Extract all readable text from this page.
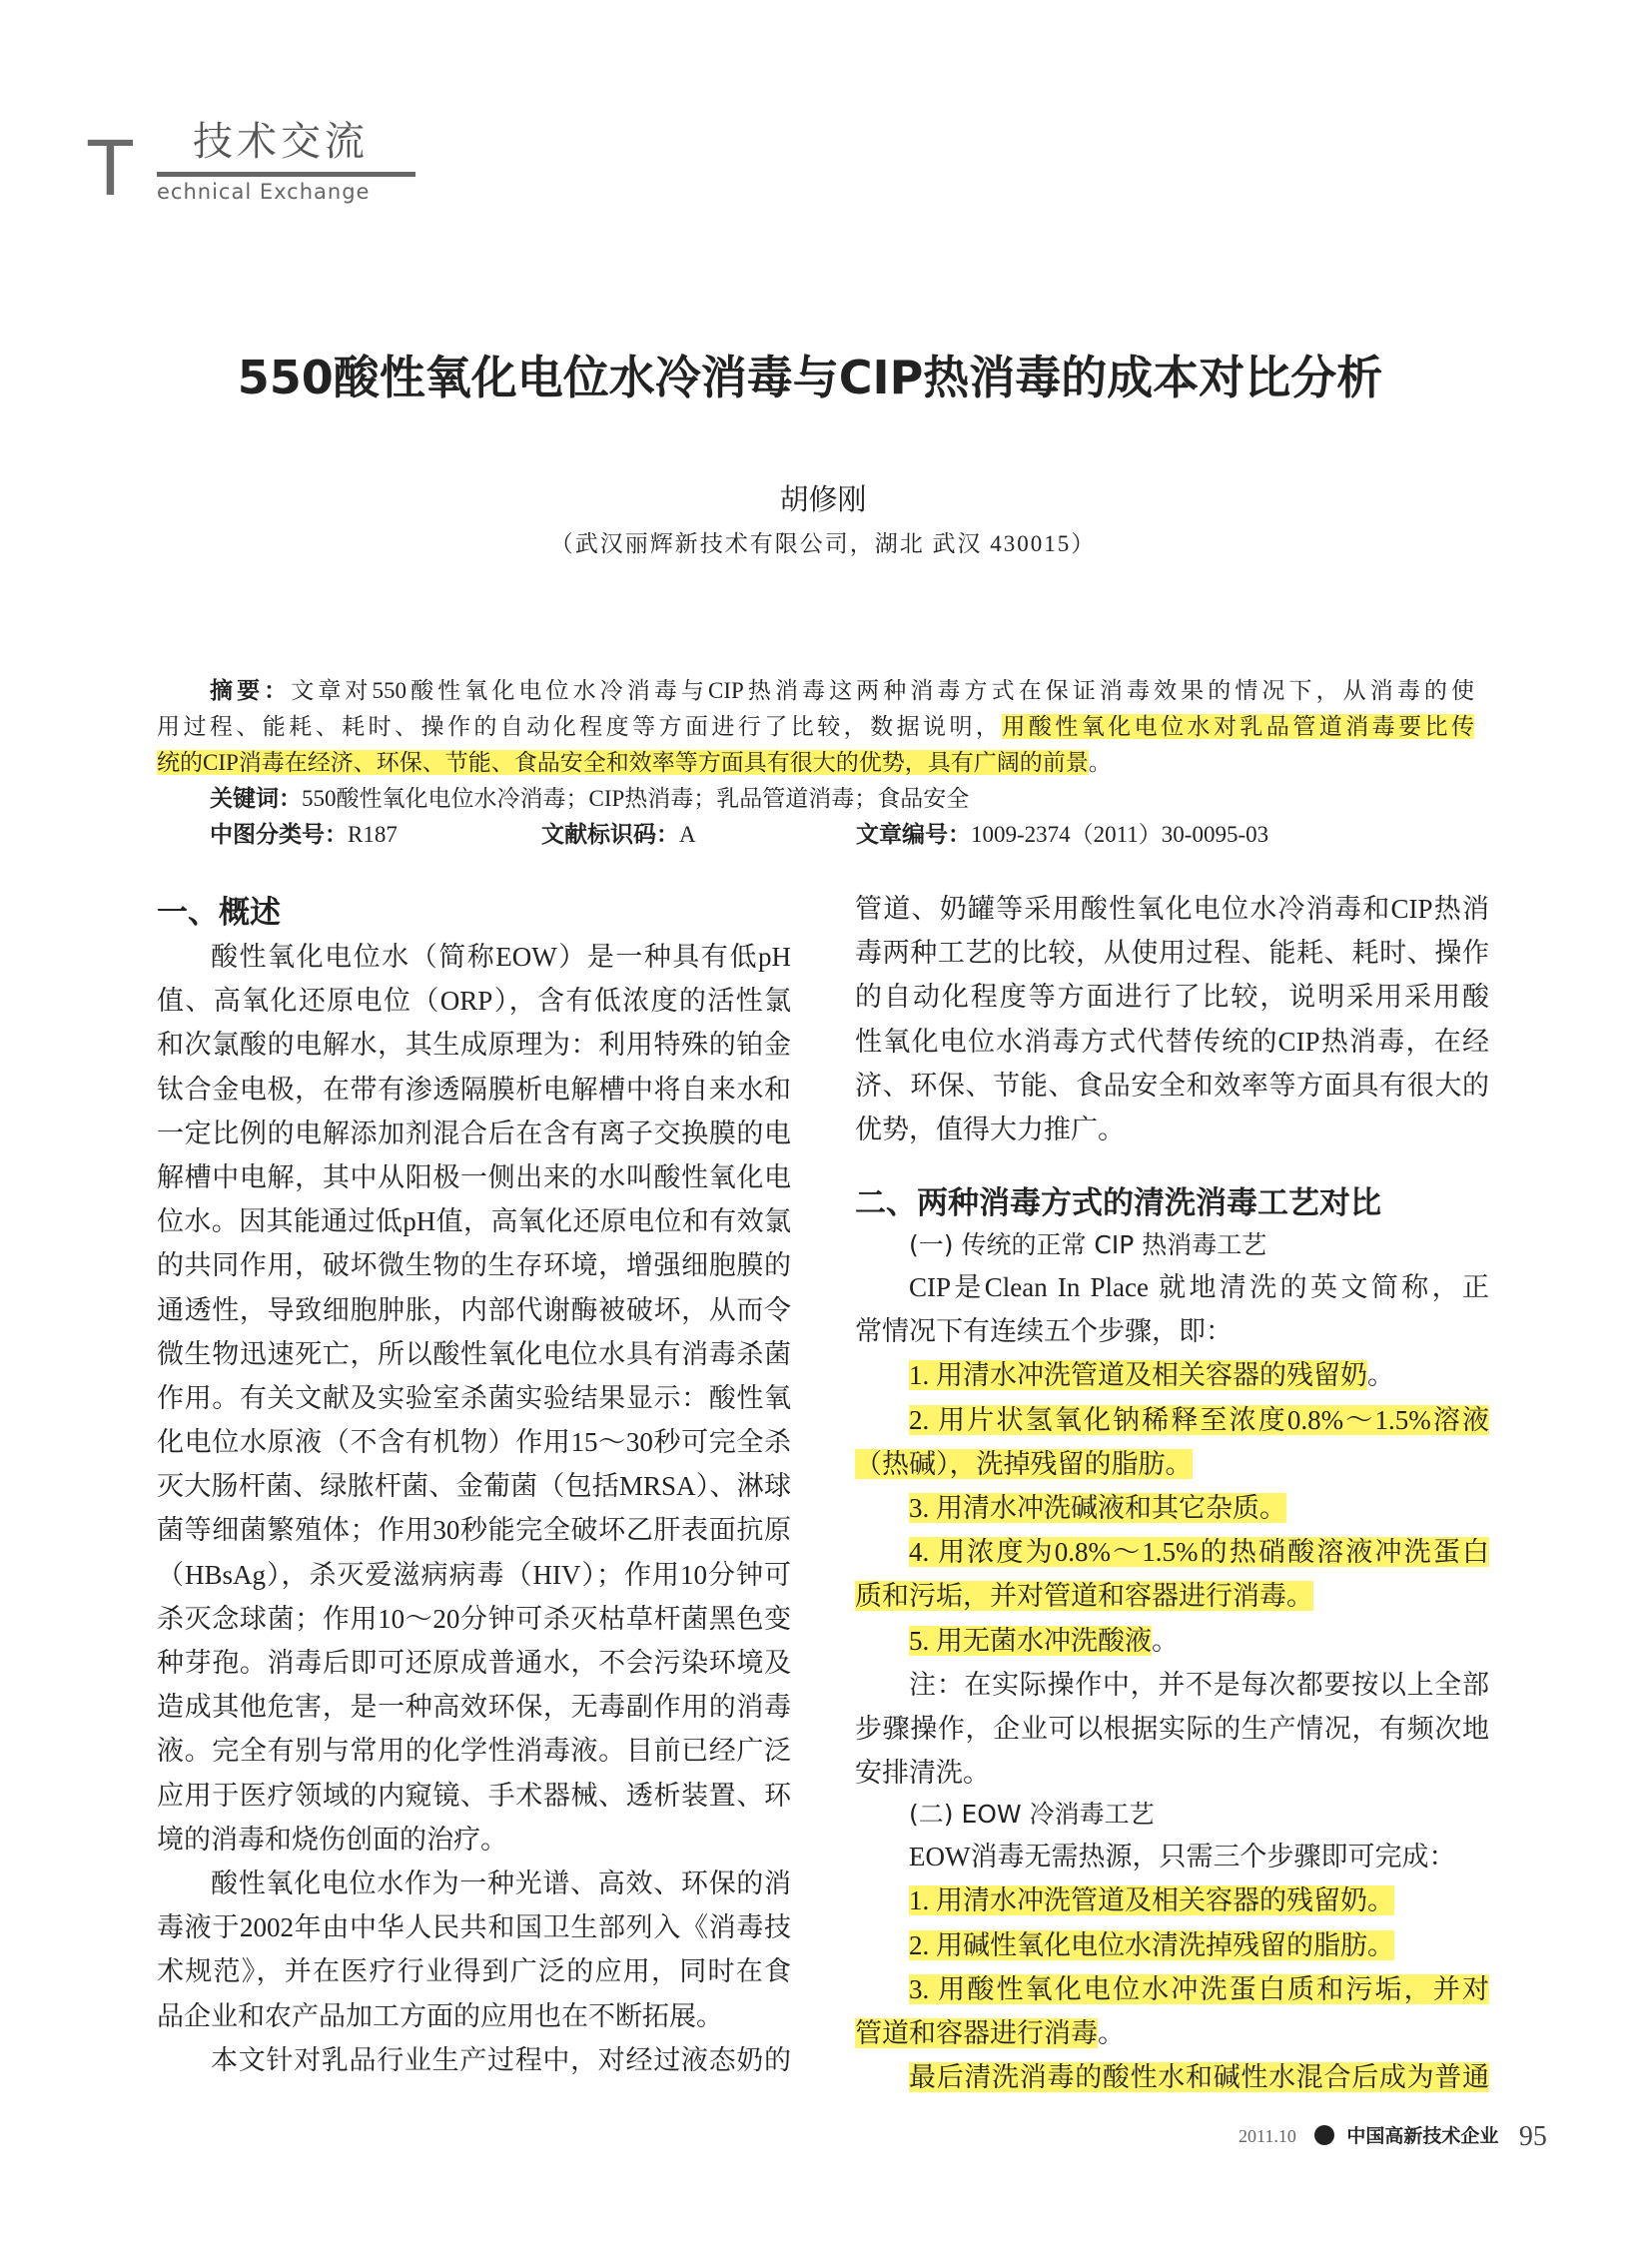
T 技术交流
echnical Exchange
550酸性氧化电位水冷消毒与CIP热消毒的成本对比分析
胡修刚
（武汉丽辉新技术有限公司，湖北 武汉 430015）
摘要：文章对550酸性氧化电位水冷消毒与CIP热消毒这两种消毒方式在保证消毒效果的情况下，从消毒的使
用过程、能耗、耗时、操作的自动化程度等方面进行了比较，数据说明，用酸性氧化电位水对乳品管道消毒要比传
统的CIP消毒在经济、环保、节能、食品安全和效率等方面具有很大的优势，具有广阔的前景。
关键词：550酸性氧化电位水冷消毒；CIP热消毒；乳品管道消毒；食品安全
中图分类号：R187	文献标识码：A	文章编号：1009-2374（2011）30-0095-03
一、概述
酸性氧化电位水（简称EOW）是一种具有低pH
值、高氧化还原电位（ORP），含有低浓度的活性氯
和次氯酸的电解水，其生成原理为：利用特殊的铂金
钛合金电极，在带有渗透隔膜析电解槽中将自来水和
一定比例的电解添加剂混合后在含有离子交换膜的电
解槽中电解，其中从阳极一侧出来的水叫酸性氧化电
位水。因其能通过低pH值，高氧化还原电位和有效氯
的共同作用，破坏微生物的生存环境，增强细胞膜的
通透性，导致细胞肿胀，内部代谢酶被破坏，从而令
微生物迅速死亡，所以酸性氧化电位水具有消毒杀菌
作用。有关文献及实验室杀菌实验结果显示：酸性氧
化电位水原液（不含有机物）作用15～30秒可完全杀
灭大肠杆菌、绿脓杆菌、金葡菌（包括MRSA）、淋球
菌等细菌繁殖体；作用30秒能完全破坏乙肝表面抗原
（HBsAg），杀灭爱滋病病毒（HIV）；作用10分钟可
杀灭念球菌；作用10～20分钟可杀灭枯草杆菌黑色变
种芽孢。消毒后即可还原成普通水，不会污染环境及
造成其他危害，是一种高效环保，无毒副作用的消毒
液。完全有别与常用的化学性消毒液。目前已经广泛
应用于医疗领域的内窥镜、手术器械、透析装置、环
境的消毒和烧伤创面的治疗。
酸性氧化电位水作为一种光谱、高效、环保的消
毒液于2002年由中华人民共和国卫生部列入《消毒技
术规范》，并在医疗行业得到广泛的应用，同时在食
品企业和农产品加工方面的应用也在不断拓展。
本文针对乳品行业生产过程中，对经过液态奶的
管道、奶罐等采用酸性氧化电位水冷消毒和CIP热消
毒两种工艺的比较，从使用过程、能耗、耗时、操作
的自动化程度等方面进行了比较，说明采用采用酸
性氧化电位水消毒方式代替传统的CIP热消毒，在经
济、环保、节能、食品安全和效率等方面具有很大的
优势，值得大力推广。
二、两种消毒方式的清洗消毒工艺对比
(一) 传统的正常 CIP 热消毒工艺
CIP是Clean In Place 就地清洗的英文简称，正
常情况下有连续五个步骤，即：
1. 用清水冲洗管道及相关容器的残留奶。
2. 用片状氢氧化钠稀释至浓度0.8%～1.5%溶液
（热碱），洗掉残留的脂肪。
3. 用清水冲洗碱液和其它杂质。
4. 用浓度为0.8%～1.5%的热硝酸溶液冲洗蛋白
质和污垢，并对管道和容器进行消毒。
5. 用无菌水冲洗酸液。
注：在实际操作中，并不是每次都要按以上全部
步骤操作，企业可以根据实际的生产情况，有频次地
安排清洗。
(二) EOW 冷消毒工艺
EOW消毒无需热源，只需三个步骤即可完成：
1. 用清水冲洗管道及相关容器的残留奶。
2. 用碱性氧化电位水清洗掉残留的脂肪。
3. 用酸性氧化电位水冲洗蛋白质和污垢，并对
管道和容器进行消毒。
最后清洗消毒的酸性水和碱性水混合后成为普通
2011.10	中国高新技术企业 95
